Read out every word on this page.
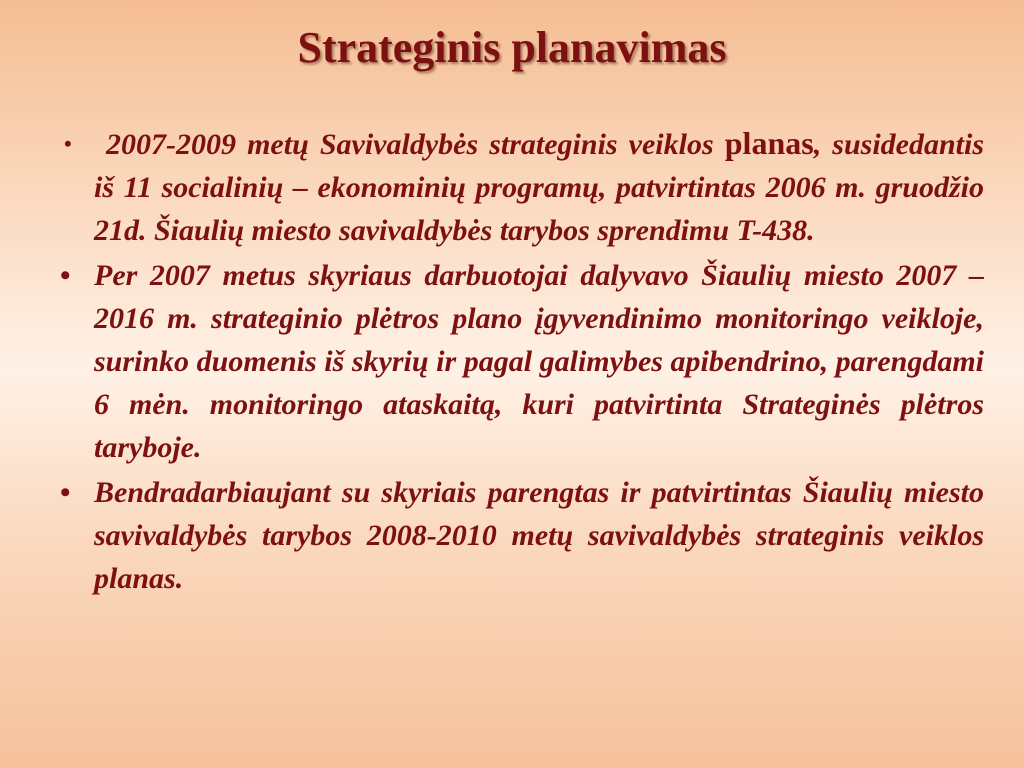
Strateginis planavimas
• 2007-2009 metų Savivaldybės strateginis veiklos planas, susidedantis iš 11 socialinių – ekonominių programų, patvirtintas 2006 m. gruodžio 21d. Šiaulių miesto savivaldybės tarybos sprendimu T-438.
• Per 2007 metus skyriaus darbuotojai dalyvavo Šiaulių miesto 2007 – 2016 m. strateginio plėtros plano įgyvendinimo monitoringo veikloje, surinko duomenis iš skyrių ir pagal galimybes apibendrino, parengdami 6 mėn. monitoringo ataskaitą, kuri patvirtinta Strateginės plėtros taryboje.
• Bendradarbiaujant su skyriais parengtas ir patvirtintas Šiaulių miesto savivaldybės tarybos 2008-2010 metų savivaldybės strateginis veiklos planas.
